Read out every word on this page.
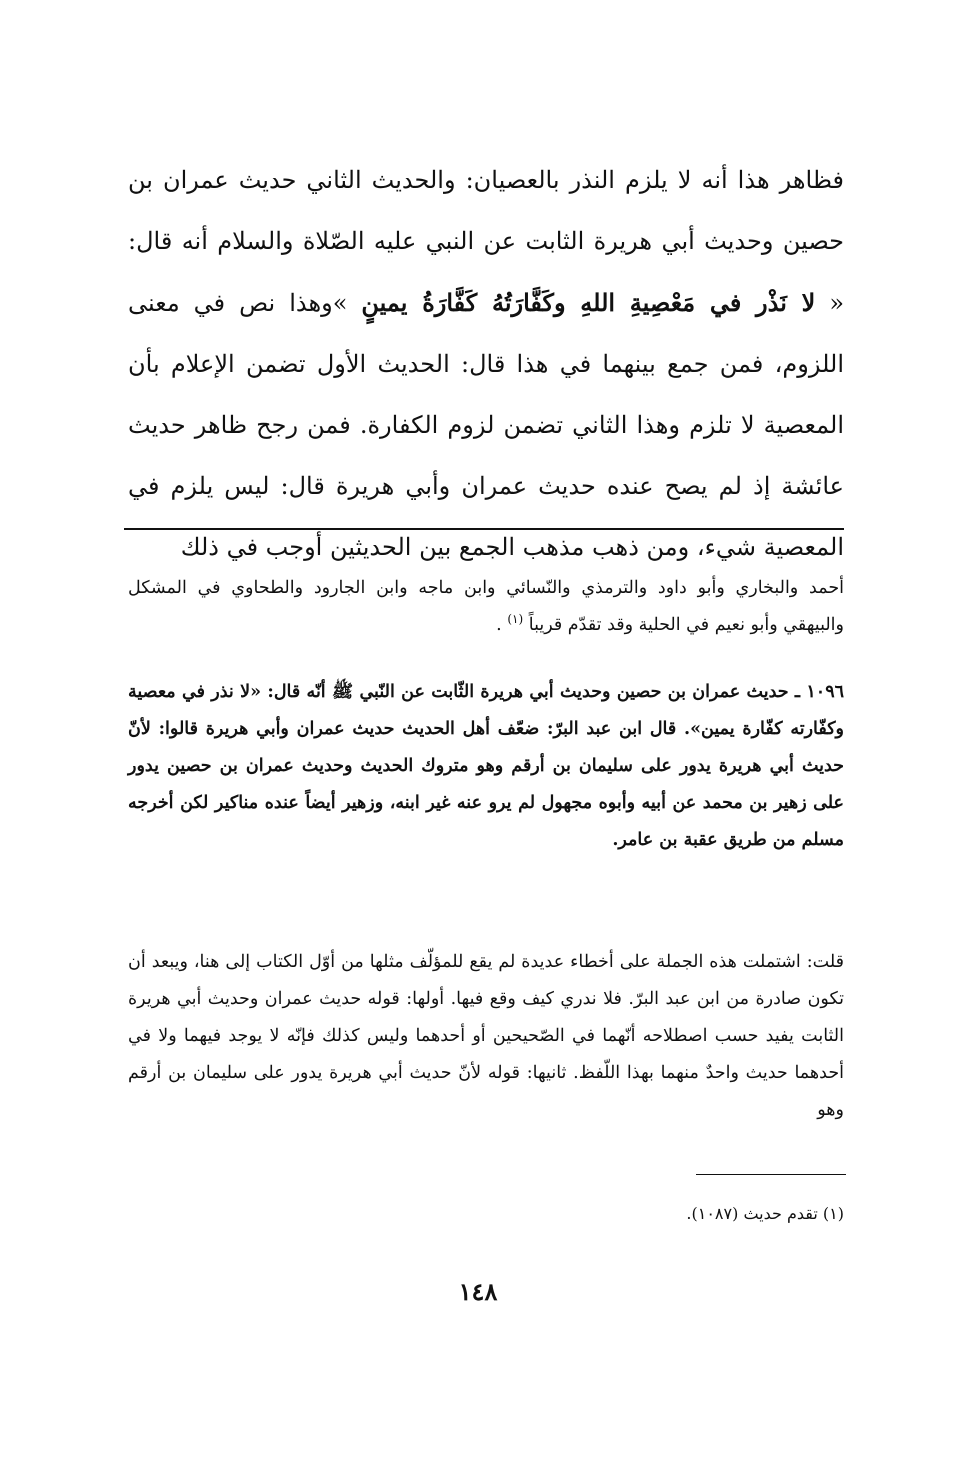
فظاهر هذا أنه لا يلزم النذر بالعصيان: والحديث الثاني حديث عمران بن حصين وحديث أبي هريرة الثابت عن النبي عليه الصّلاة والسلام أنه قال: « لا نَذْر في مَعْصِيةِ اللهِ وكَفَّارَتُهُ كَفَّارَةُ يمينٍ »وهذا نص في معنى اللزوم، فمن جمع بينهما في هذا قال: الحديث الأول تضمن الإعلام بأن المعصية لا تلزم وهذا الثاني تضمن لزوم الكفارة. فمن رجح ظاهر حديث عائشة إذ لم يصح عنده حديث عمران وأبي هريرة قال: ليس يلزم في المعصية شيء، ومن ذهب مذهب الجمع بين الحديثين أوجب في ذلك

أحمد والبخاري وأبو داود والترمذي والنّسائي وابن ماجه وابن الجارود والطحاوي في المشكل والبيهقي وأبو نعيم في الحلية وقد تقدّم قريباً $^{(١)}$ .

١٠٩٦ ـ حديث عمران بن حصين وحديث أبي هريرة الثّابت عن النّبي ﷺ أنّه قال: «لا نذر في معصية وكفّارته كفّارة يمين». قال ابن عبد البرّ: ضعّف أهل الحديث حديث عمران وأبي هريرة قالوا: لأنّ حديث أبي هريرة يدور على سليمان بن أرقم وهو متروك الحديث وحديث عمران بن حصين يدور على زهير بن محمد عن أبيه وأبوه مجهول لم يرو عنه غير ابنه، وزهير أيضاً عنده مناكير لكن أخرجه مسلم من طريق عقبة بن عامر.

قلت: اشتملت هذه الجملة على أخطاء عديدة لم يقع للمؤلّف مثلها من أوّل الكتاب إلى هنا، ويبعد أن تكون صادرة من ابن عبد البرّ. فلا ندري كيف وقع فيها. أولها: قوله حديث عمران وحديث أبي هريرة الثابت يفيد حسب اصطلاحه أنّهما في الصّحيحين أو أحدهما وليس كذلك فإنّه لا يوجد فيهما ولا في أحدهما حديث واحدٌ منهما بهذا اللّفظ. ثانيها: قوله لأنّ حديث أبي هريرة يدور على سليمان بن أرقم وهو

(١) تقدم حديث (١٠٨٧).

١٤٨
